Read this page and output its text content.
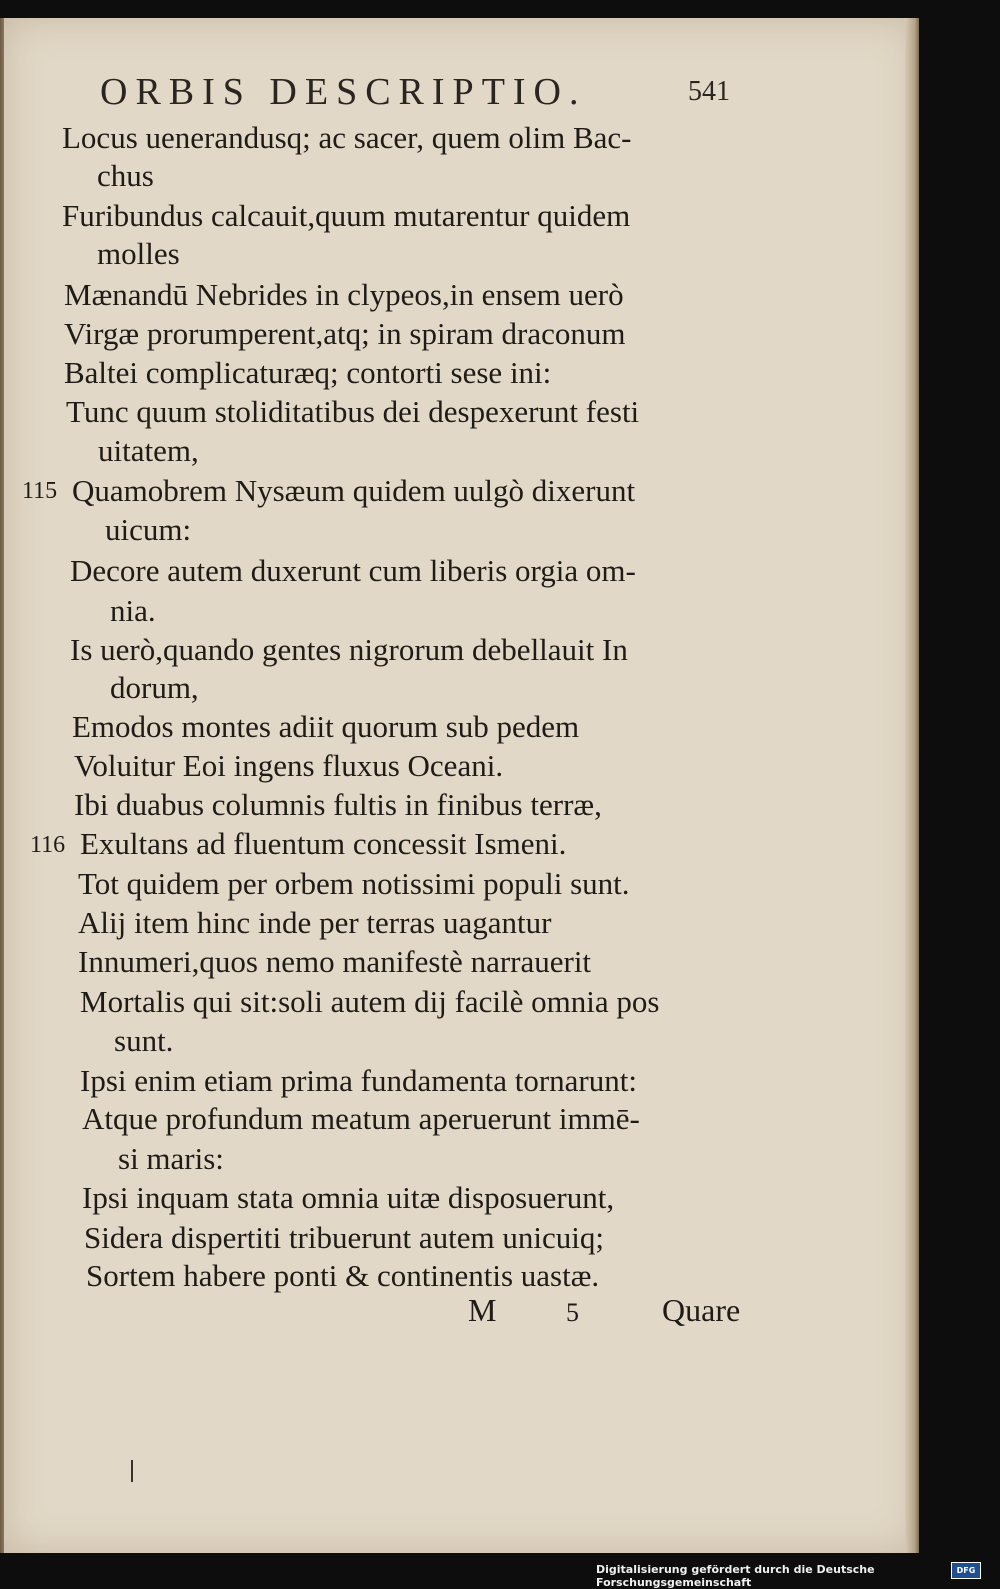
ORBIS DESCRIPTIO.	541
Locus uenerandusq; ac sacer, quem olim Bac-
chus
Furibundus calcauit,quum mutarentur quidem
molles
Mænandū Nebrides in clypeos,in ensem uerò
Virgæ prorumperent,atq; in spiram draconum
Baltei complicaturæq; contorti sese ini:
Tunc quum stoliditatibus dei despexerunt festi
uitatem,
115 Quamobrem Nysæum quidem uulgò dixerunt
uicum:
Decore autem duxerunt cum liberis orgia om-
nia.
Is uerò,quando gentes nigrorum debellauit In
dorum,
Emodos montes adiit quorum sub pedem
Voluitur Eoi ingens fluxus Oceani.
Ibi duabus columnis fultis in finibus terræ,
116 Exultans ad fluentum concessit Ismeni.
Tot quidem per orbem notissimi populi sunt.
Alij item hinc inde per terras uagantur
Innumeri,quos nemo manifestè narrauerit
Mortalis qui sit:soli autem dij facilè omnia pos
sunt.
Ipsi enim etiam prima fundamenta tornarunt:
Atque profundum meatum aperuerunt immē-
si maris:
Ipsi inquam stata omnia uitæ disposuerunt,
Sidera dispertiti tribuerunt autem unicuiq;
Sortem habere ponti & continentis uastæ.
M	5	Quare
Digitalisierung gefördert durch die Deutsche Forschungsgemeinschaft
DFG
